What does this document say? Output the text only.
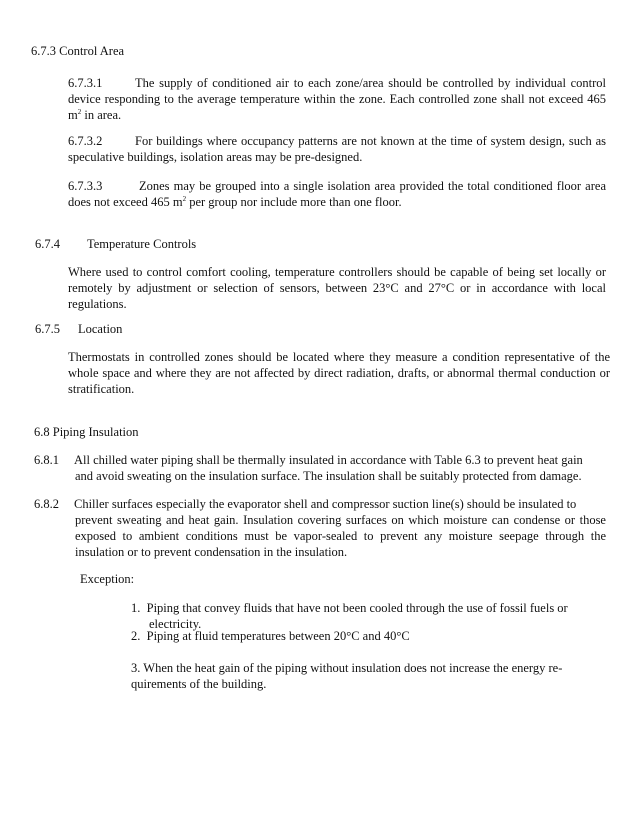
6.7.3 Control Area
6.7.3.1	The supply of conditioned air to each zone/area should be controlled by individual control device responding to the average temperature within the zone. Each controlled zone shall not exceed 465 $m^2$ in area.
6.7.3.2	For buildings where occupancy patterns are not known at the time of system design, such as speculative buildings, isolation areas may be pre-designed.
6.7.3.3	Zones may be grouped into a single isolation area provided the total conditioned floor area does not exceed 465 $m^2$ per group nor include more than one floor.
6.7.4 Temperature Controls
Where used to control comfort cooling, temperature controllers should be capable of being set locally or remotely by adjustment or selection of sensors, between 23°C and 27°C or in accordance with local regulations.
6.7.5 Location
Thermostats in controlled zones should be located where they measure a condition representative of the whole space and where they are not affected by direct radiation, drafts, or abnormal thermal conduction or stratification.
6.8 Piping Insulation
6.8.1 All chilled water piping shall be thermally insulated in accordance with Table 6.3 to prevent heat gain
and avoid sweating on the insulation surface. The insulation shall be suitably protected from damage.
6.8.2 Chiller surfaces especially the evaporator shell and compressor suction line(s) should be insulated to
prevent sweating and heat gain. Insulation covering surfaces on which moisture can condense or those exposed to ambient conditions must be vapor-sealed to prevent any moisture seepage through the insulation or to prevent condensation in the insulation.
Exception:
1. Piping that convey fluids that have not been cooled through the use of fossil fuels or
electricity.
2. Piping at fluid temperatures between 20°C and 40°C
3. When the heat gain of the piping without insulation does not increase the energy re-
quirements of the building.
